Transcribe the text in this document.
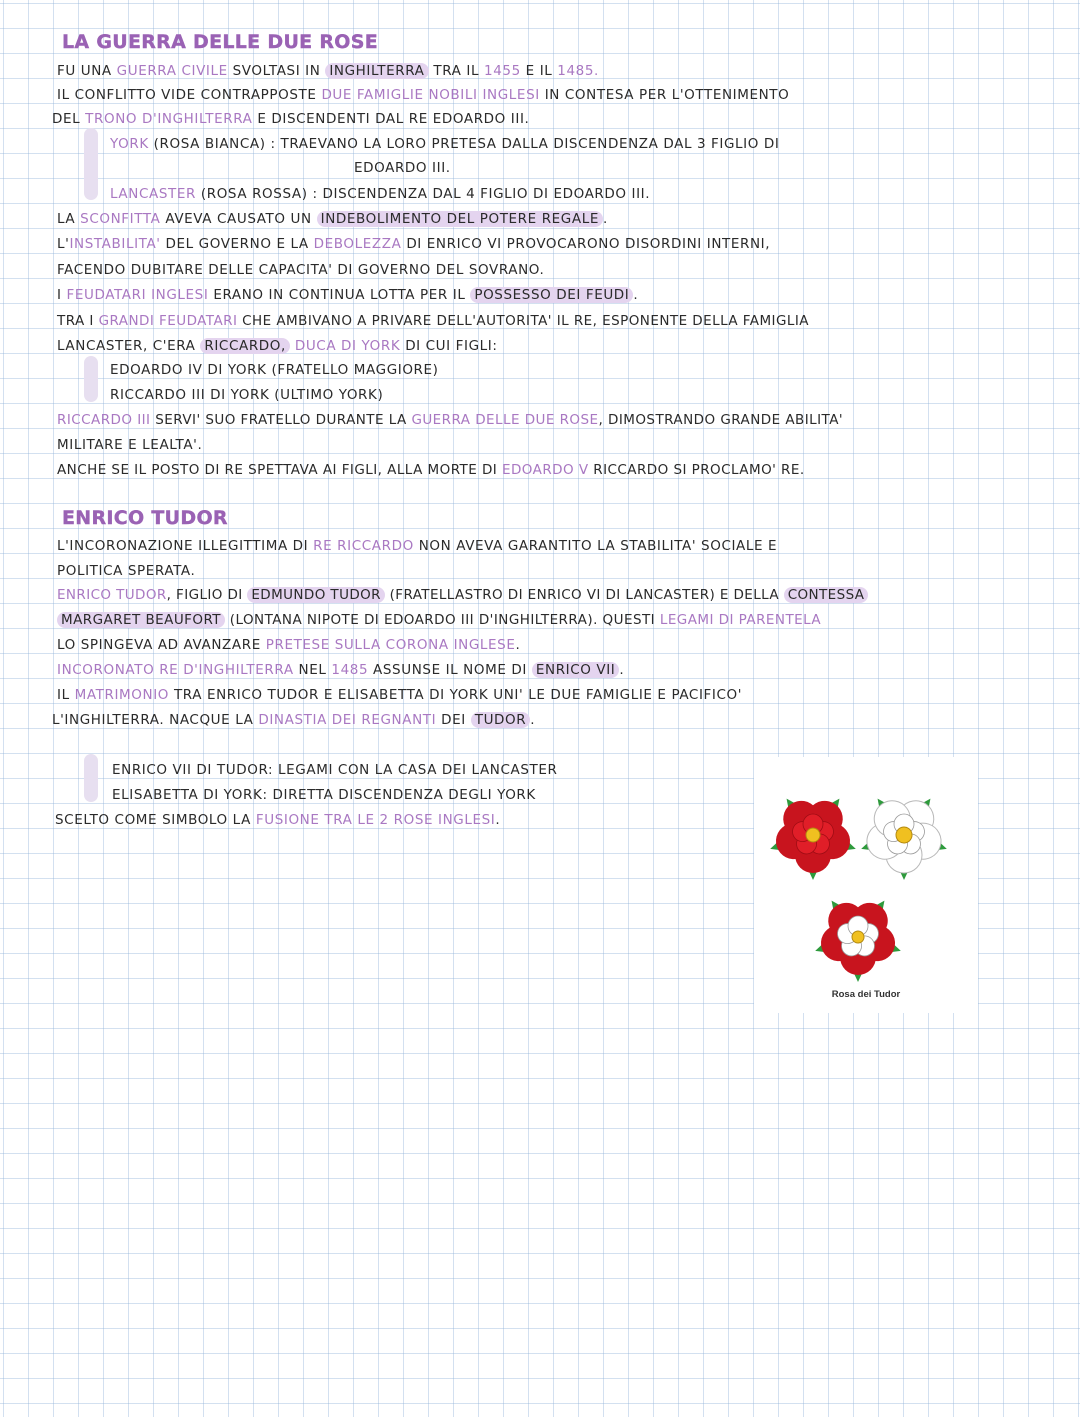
LA GUERRA DELLE DUE ROSE
FU UNA GUERRA CIVILE SVOLTASI IN INGHILTERRA TRA IL 1455 E IL 1485.
IL CONFLITTO VIDE CONTRAPPOSTE DUE FAMIGLIE NOBILI INGLESI IN CONTESA PER L'OTTENIMENTO
DEL TRONO D'INGHILTERRA E DISCENDENTI DAL RE EDOARDO III.
YORK (ROSA BIANCA) : TRAEVANO LA LORO PRETESA DALLA DISCENDENZA DAL 3 FIGLIO DI
EDOARDO III.
LANCASTER (ROSA ROSSA) : DISCENDENZA DAL 4 FIGLIO DI EDOARDO III.
LA SCONFITTA AVEVA CAUSATO UN INDEBOLIMENTO DEL POTERE REGALE .
L'INSTABILITA' DEL GOVERNO E LA DEBOLEZZA DI ENRICO VI PROVOCARONO DISORDINI INTERNI,
FACENDO DUBITARE DELLE CAPACITA' DI GOVERNO DEL SOVRANO.
I FEUDATARI INGLESI ERANO IN CONTINUA LOTTA PER IL POSSESSO DEI FEUDI .
TRA I GRANDI FEUDATARI CHE AMBIVANO A PRIVARE DELL'AUTORITA' IL RE, ESPONENTE DELLA FAMIGLIA
LANCASTER, C'ERA RICCARDO, DUCA DI YORK DI CUI FIGLI:
EDOARDO IV DI YORK (FRATELLO MAGGIORE)
RICCARDO III DI YORK (ULTIMO YORK)
RICCARDO III SERVI' SUO FRATELLO DURANTE LA GUERRA DELLE DUE ROSE, DIMOSTRANDO GRANDE ABILITA'
MILITARE E LEALTA'.
ANCHE SE IL POSTO DI RE SPETTAVA AI FIGLI, ALLA MORTE DI EDOARDO V RICCARDO SI PROCLAMO' RE.
ENRICO TUDOR
L'INCORONAZIONE ILLEGITTIMA DI RE RICCARDO NON AVEVA GARANTITO LA STABILITA' SOCIALE E
POLITICA SPERATA.
ENRICO TUDOR, FIGLIO DI EDMUNDO TUDOR (FRATELLASTRO DI ENRICO VI DI LANCASTER) E DELLA CONTESSA
MARGARET BEAUFORT (LONTANA NIPOTE DI EDOARDO III D'INGHILTERRA). QUESTI LEGAMI DI PARENTELA
LO SPINGEVA AD AVANZARE PRETESE SULLA CORONA INGLESE.
INCORONATO RE D'INGHILTERRA NEL 1485 ASSUNSE IL NOME DI ENRICO VII .
IL MATRIMONIO TRA ENRICO TUDOR E ELISABETTA DI YORK UNI' LE DUE FAMIGLIE E PACIFICO'
L'INGHILTERRA. NACQUE LA DINASTIA DEI REGNANTI DEI TUDOR .
ENRICO VII DI TUDOR: LEGAMI CON LA CASA DEI LANCASTER
ELISABETTA DI YORK: DIRETTA DISCENDENZA DEGLI YORK
SCELTO COME SIMBOLO LA FUSIONE TRA LE 2 ROSE INGLESI.
Rosa dei Tudor
